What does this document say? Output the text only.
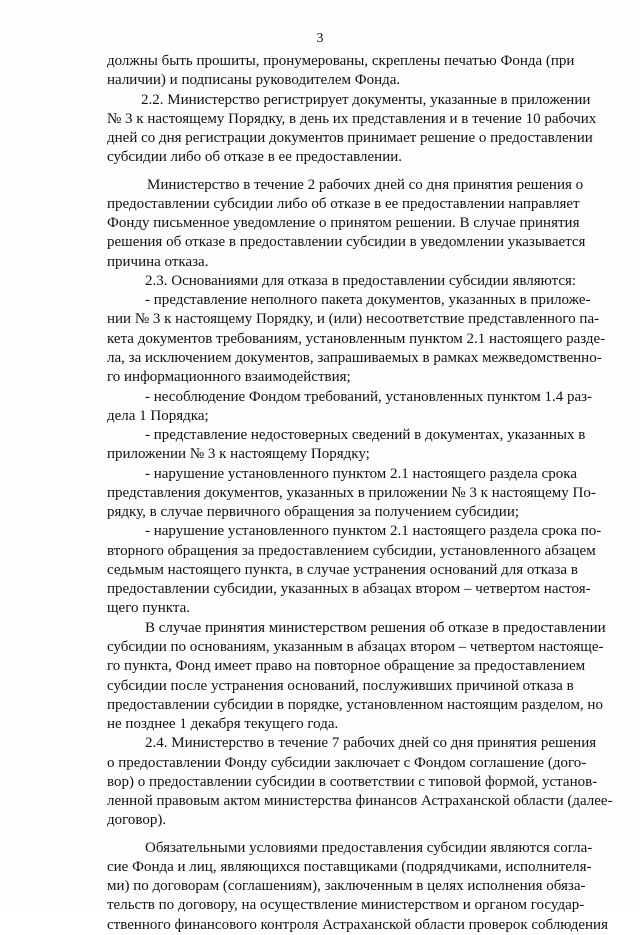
3
должны быть прошиты, пронумерованы, скреплены печатью Фонда (при
наличии) и подписаны руководителем Фонда.
2.2. Министерство регистрирует документы, указанные в приложении
№ 3 к настоящему Порядку, в день их представления и в течение 10 рабочих
дней со дня регистрации документов принимает решение о предоставлении
субсидии либо об отказе в ее предоставлении.
Министерство в течение 2 рабочих дней со дня принятия решения о
предоставлении субсидии либо об отказе в ее предоставлении направляет
Фонду письменное уведомление о принятом решении. В случае принятия
решения об отказе в предоставлении субсидии в уведомлении указывается
причина отказа.
2.3. Основаниями для отказа в предоставлении субсидии являются:
- представление неполного пакета документов, указанных в приложе-
нии № 3 к настоящему Порядку, и (или) несоответствие представленного па-
кета документов требованиям, установленным пунктом 2.1 настоящего разде-
ла, за исключением документов, запрашиваемых в рамках межведомственно-
го информационного взаимодействия;
- несоблюдение Фондом требований, установленных пунктом 1.4 раз-
дела 1 Порядка;
- представление недостоверных сведений в документах, указанных в
приложении № 3 к настоящему Порядку;
- нарушение установленного пунктом 2.1 настоящего раздела срока
представления документов, указанных в приложении № 3 к настоящему По-
рядку, в случае первичного обращения за получением субсидии;
- нарушение установленного пунктом 2.1 настоящего раздела срока по-
вторного обращения за предоставлением субсидии, установленного абзацем
седьмым настоящего пункта, в случае устранения оснований для отказа в
предоставлении субсидии, указанных в абзацах втором – четвертом настоя-
щего пункта.
В случае принятия министерством решения об отказе в предоставлении
субсидии по основаниям, указанным в абзацах втором – четвертом настояще-
го пункта, Фонд имеет право на повторное обращение за предоставлением
субсидии после устранения оснований, послуживших причиной отказа в
предоставлении субсидии в порядке, установленном настоящим разделом, но
не позднее 1 декабря текущего года.
2.4. Министерство в течение 7 рабочих дней со дня принятия решения
о предоставлении Фонду субсидии заключает с Фондом соглашение (дого-
вор) о предоставлении субсидии в соответствии с типовой формой, установ-
ленной правовым актом министерства финансов Астраханской области (далее-
договор).
Обязательными условиями предоставления субсидии являются согла-
сие Фонда и лиц, являющихся поставщиками (подрядчиками, исполнителя-
ми) по договорам (соглашениям), заключенным в целях исполнения обяза-
тельств по договору, на осуществление министерством и органом государ-
ственного финансового контроля Астраханской области проверок соблюдения
